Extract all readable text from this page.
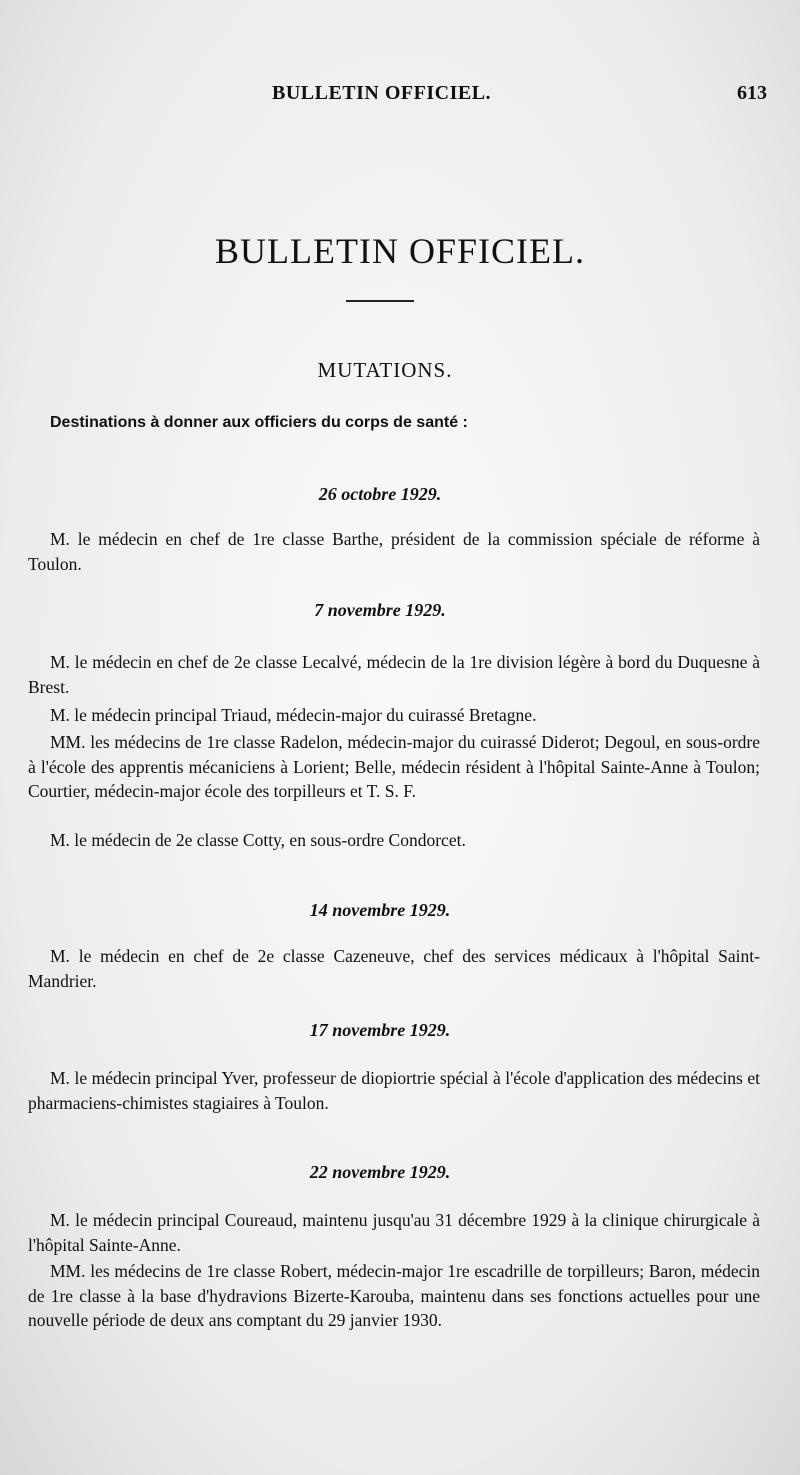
BULLETIN OFFICIEL.	613
BULLETIN OFFICIEL.
MUTATIONS.
Destinations à donner aux officiers du corps de santé :
26 octobre 1929.
M. le médecin en chef de 1re classe Barthe, président de la commission spéciale de réforme à Toulon.
7 novembre 1929.
M. le médecin en chef de 2e classe Lecalvé, médecin de la 1re division légère à bord du Duquesne à Brest.
M. le médecin principal Triaud, médecin-major du cuirassé Bretagne.
MM. les médecins de 1re classe Radelon, médecin-major du cuirassé Diderot; Degoul, en sous-ordre à l'école des apprentis mécaniciens à Lorient; Belle, médecin résident à l'hôpital Sainte-Anne à Toulon; Courtier, médecin-major école des torpilleurs et T. S. F.
M. le médecin de 2e classe Cotty, en sous-ordre Condorcet.
14 novembre 1929.
M. le médecin en chef de 2e classe Cazeneuve, chef des services médicaux à l'hôpital Saint-Mandrier.
17 novembre 1929.
M. le médecin principal Yver, professeur de diopiortrie spécial à l'école d'application des médecins et pharmaciens-chimistes stagiaires à Toulon.
22 novembre 1929.
M. le médecin principal Coureaud, maintenu jusqu'au 31 décembre 1929 à la clinique chirurgicale à l'hôpital Sainte-Anne.
MM. les médecins de 1re classe Robert, médecin-major 1re escadrille de torpilleurs; Baron, médecin de 1re classe à la base d'hydravions Bizerte-Karouba, maintenu dans ses fonctions actuelles pour une nouvelle période de deux ans comptant du 29 janvier 1930.
